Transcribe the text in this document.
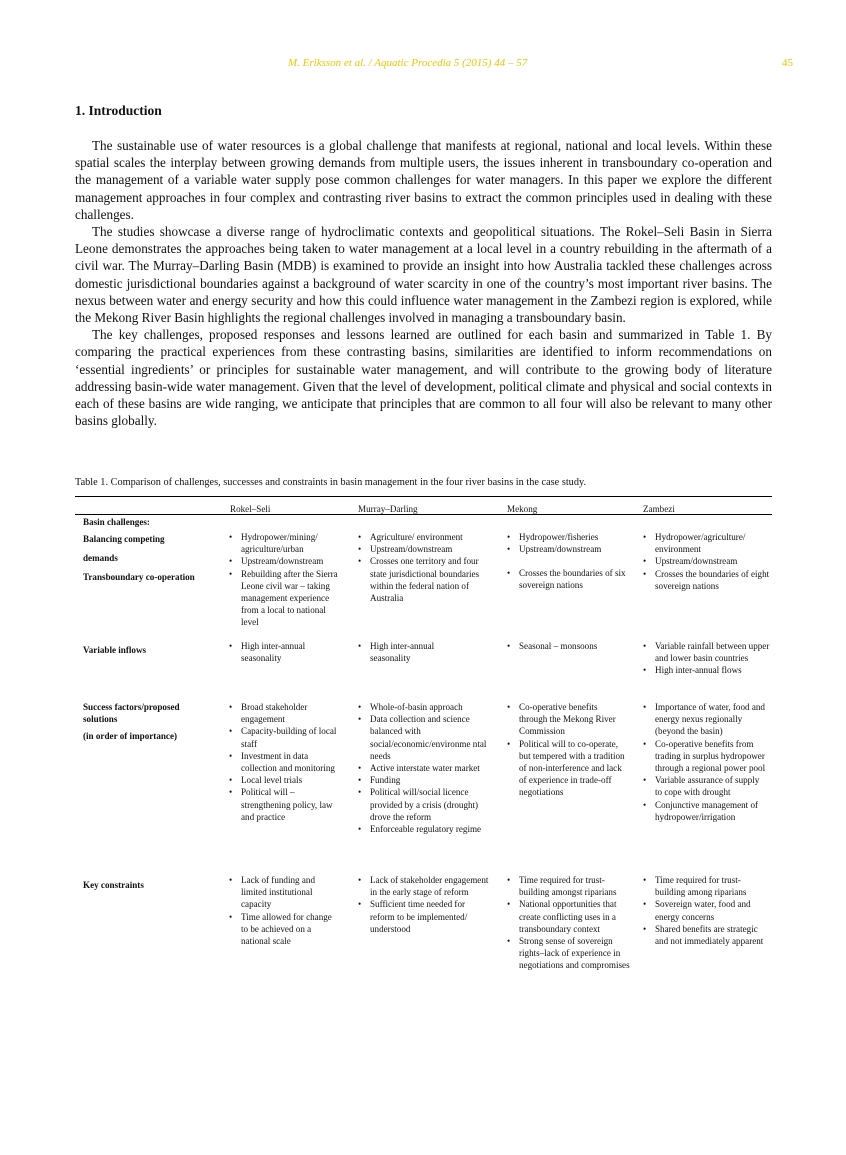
M. Eriksson et al. / Aquatic Procedia 5 (2015) 44 – 57	45
1. Introduction

The sustainable use of water resources is a global challenge that manifests at regional, national and local levels. Within these spatial scales the interplay between growing demands from multiple users, the issues inherent in transboundary co-operation and the management of a variable water supply pose common challenges for water managers. In this paper we explore the different management approaches in four complex and contrasting river basins to extract the common principles used in dealing with these challenges.

The studies showcase a diverse range of hydroclimatic contexts and geopolitical situations. The Rokel–Seli Basin in Sierra Leone demonstrates the approaches being taken to water management at a local level in a country rebuilding in the aftermath of a civil war. The Murray–Darling Basin (MDB) is examined to provide an insight into how Australia tackled these challenges across domestic jurisdictional boundaries against a background of water scarcity in one of the country’s most important river basins. The nexus between water and energy security and how this could influence water management in the Zambezi region is explored, while the Mekong River Basin highlights the regional challenges involved in managing a transboundary basin.

The key challenges, proposed responses and lessons learned are outlined for each basin and summarized in Table 1. By comparing the practical experiences from these contrasting basins, similarities are identified to inform recommendations on ‘essential ingredients’ or principles for sustainable water management, and will contribute to the growing body of literature addressing basin-wide water management. Given that the level of development, political climate and physical and social contexts in each of these basins are wide ranging, we anticipate that principles that are common to all four will also be relevant to many other basins globally.

Table 1. Comparison of challenges, successes and constraints in basin management in the four river basins in the case study.
Rokel–Seli	Murray–Darling	Mekong	Zambezi
Basin challenges:
Balancing competing
demands
Transboundary co-operation
Variable inflows
Success factors/proposed solutions
(in order of importance)
Key constraints
• Hydropower/mining/ agriculture/urban
• Upstream/downstream
• Rebuilding after the Sierra Leone civil war – taking management experience from a local to national level
• Agriculture/ environment
• Upstream/downstream
• Crosses one territory and four state jurisdictional boundaries within the federal nation of Australia
• Hydropower/fisheries
• Upstream/downstream
• Crosses the boundaries of six sovereign nations
• Hydropower/agriculture/ environment
• Upstream/downstream
• Crosses the boundaries of eight sovereign nations
• High inter-annual seasonality
• High inter-annual seasonality
• Seasonal – monsoons
•	Variable rainfall between upper and lower basin countries
• High inter-annual flows
• Broad stakeholder engagement
• Capacity-building of local staff
• Investment in data collection and monitoring
• Local level trials
• Political will – strengthening policy, law and practice
• Whole-of-basin approach
• Data collection and science balanced with social/economic/environme ntal needs
• Active interstate water market
• Funding
• Political will/social licence provided by a crisis (drought) drove the reform
• Enforceable regulatory regime
• Co-operative benefits through the Mekong River Commission
• Political will to co-operate, but tempered with a tradition of non-interference and lack of experience in trade-off negotiations
• Importance of water, food and energy nexus regionally (beyond the basin)
• Co-operative benefits from trading in surplus hydropower through a regional power pool
• Variable assurance of supply to cope with drought
• Conjunctive management of hydropower/irrigation
• Lack of funding and limited institutional capacity
• Time allowed for change to be achieved on a national scale
• Lack of stakeholder engagement in the early stage of reform
• Sufficient time needed for reform to be implemented/ understood
• Time required for trust-building amongst riparians
• National opportunities that create conflicting uses in a transboundary context
• Strong sense of sovereign rights–lack of experience in negotiations and compromises
• Time required for trust-building among riparians
• Sovereign water, food and energy concerns
• Shared benefits are strategic and not immediately apparent
